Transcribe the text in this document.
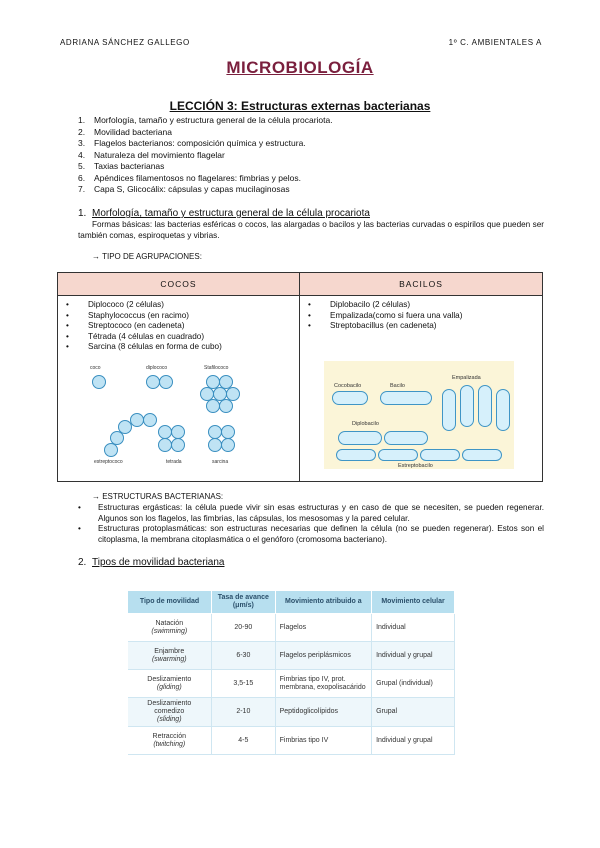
ADRIANA SÁNCHEZ GALLEGO	1º C. AMBIENTALES A
MICROBIOLOGÍA
LECCIÓN 3: Estructuras externas bacterianas
1. Morfología, tamaño y estructura general de la célula procariota.
2. Movilidad bacteriana
3. Flagelos bacterianos: composición química y estructura.
4. Naturaleza del movimiento flagelar
5. Taxias bacterianas
6. Apéndices filamentosos no flagelares: fimbrias y pelos.
7. Capa S, Glicocálix: cápsulas y capas mucilaginosas
1. Morfología, tamaño y estructura general de la célula procariota
Formas básicas: las bacterias esféricas o cocos, las alargadas o bacilos y las bacterias curvadas o espirilos que pueden ser también comas, espiroquetas y vibrias.
→ TIPO DE AGRUPACIONES:
COCOS	BACILOS
• Diplococo (2 células)
• Staphylococcus (en racimo)
• Streptococo (en cadeneta)
• Tétrada (4 células en cuadrado)
• Sarcina (8 células en forma de cubo)
• Diplobacilo (2 células)
• Empalizada(como si fuera una valla)
• Streptobacillus (en cadeneta)
coco	diplococo	Stafilococo
estreptococo	tetrada	sarcina
Cocobacilo	Bacilo
Empalizada
Diplobacilo
Estreptobacilo
→ ESTRUCTURAS BACTERIANAS:
• Estructuras ergásticas: la célula puede vivir sin esas estructuras y en caso de que se necesiten, se pueden regenerar. Algunos son los flagelos, las fimbrias, las cápsulas, los mesosomas y la pared celular.
• Estructuras protoplasmáticas: son estructuras necesarias que definen la célula (no se pueden regenerar). Estos son el citoplasma, la membrana citoplasmática o el genóforo (cromosoma bacteriano).
2. Tipos de movilidad bacteriana
Tipo de movilidad	Tasa de avance (μm/s)	Movimiento atribuido a	Movimiento celular
Natación
(swimming)	20-90	Flagelos	Individual
Enjambre
(swarming)	6-30	Flagelos periplásmicos	Individual y grupal
Deslizamiento
(gliding)	3,5-15	Fimbrias tipo IV, prot. membrana, exopolisacárido	Grupal (individual)
Deslizamiento comedizo
(sliding)	2-10	Peptidoglicolípidos	Grupal
Retracción
(twitching)	4-5	Fimbrias tipo IV	Individual y grupal
